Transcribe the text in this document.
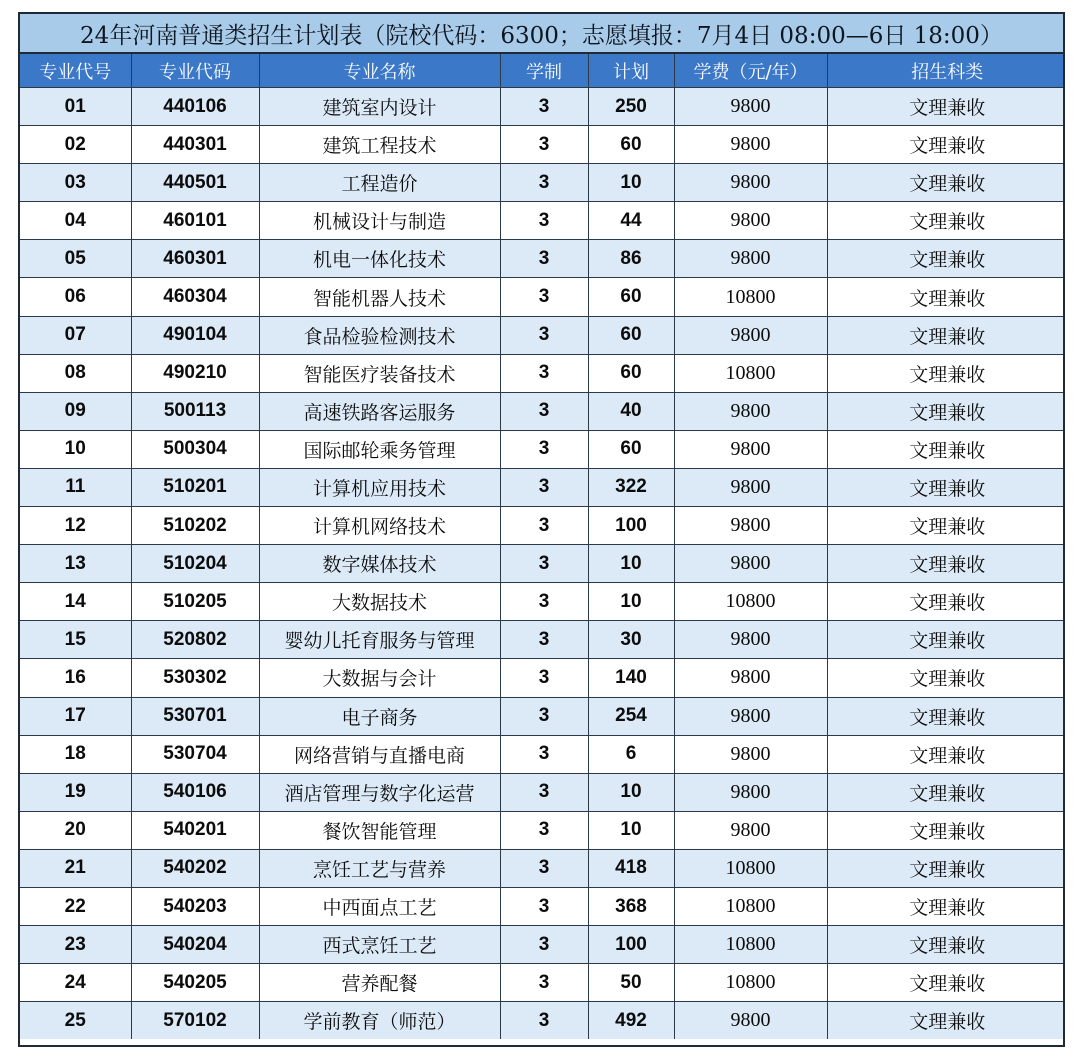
24年河南普通类招生计划表（院校代码：6300；志愿填报：7月4日 08:00—6日 18:00）
专业代号	专业代码	专业名称	学制	计划	学费（元/年）	招生科类
01	440106	建筑室内设计	3	250	9800	文理兼收
02	440301	建筑工程技术	3	60	9800	文理兼收
03	440501	工程造价	3	10	9800	文理兼收
04	460101	机械设计与制造	3	44	9800	文理兼收
05	460301	机电一体化技术	3	86	9800	文理兼收
06	460304	智能机器人技术	3	60	10800	文理兼收
07	490104	食品检验检测技术	3	60	9800	文理兼收
08	490210	智能医疗装备技术	3	60	10800	文理兼收
09	500113	高速铁路客运服务	3	40	9800	文理兼收
10	500304	国际邮轮乘务管理	3	60	9800	文理兼收
11	510201	计算机应用技术	3	322	9800	文理兼收
12	510202	计算机网络技术	3	100	9800	文理兼收
13	510204	数字媒体技术	3	10	9800	文理兼收
14	510205	大数据技术	3	10	10800	文理兼收
15	520802	婴幼儿托育服务与管理	3	30	9800	文理兼收
16	530302	大数据与会计	3	140	9800	文理兼收
17	530701	电子商务	3	254	9800	文理兼收
18	530704	网络营销与直播电商	3	6	9800	文理兼收
19	540106	酒店管理与数字化运营	3	10	9800	文理兼收
20	540201	餐饮智能管理	3	10	9800	文理兼收
21	540202	烹饪工艺与营养	3	418	10800	文理兼收
22	540203	中西面点工艺	3	368	10800	文理兼收
23	540204	西式烹饪工艺	3	100	10800	文理兼收
24	540205	营养配餐	3	50	10800	文理兼收
25	570102	学前教育（师范）	3	492	9800	文理兼收
